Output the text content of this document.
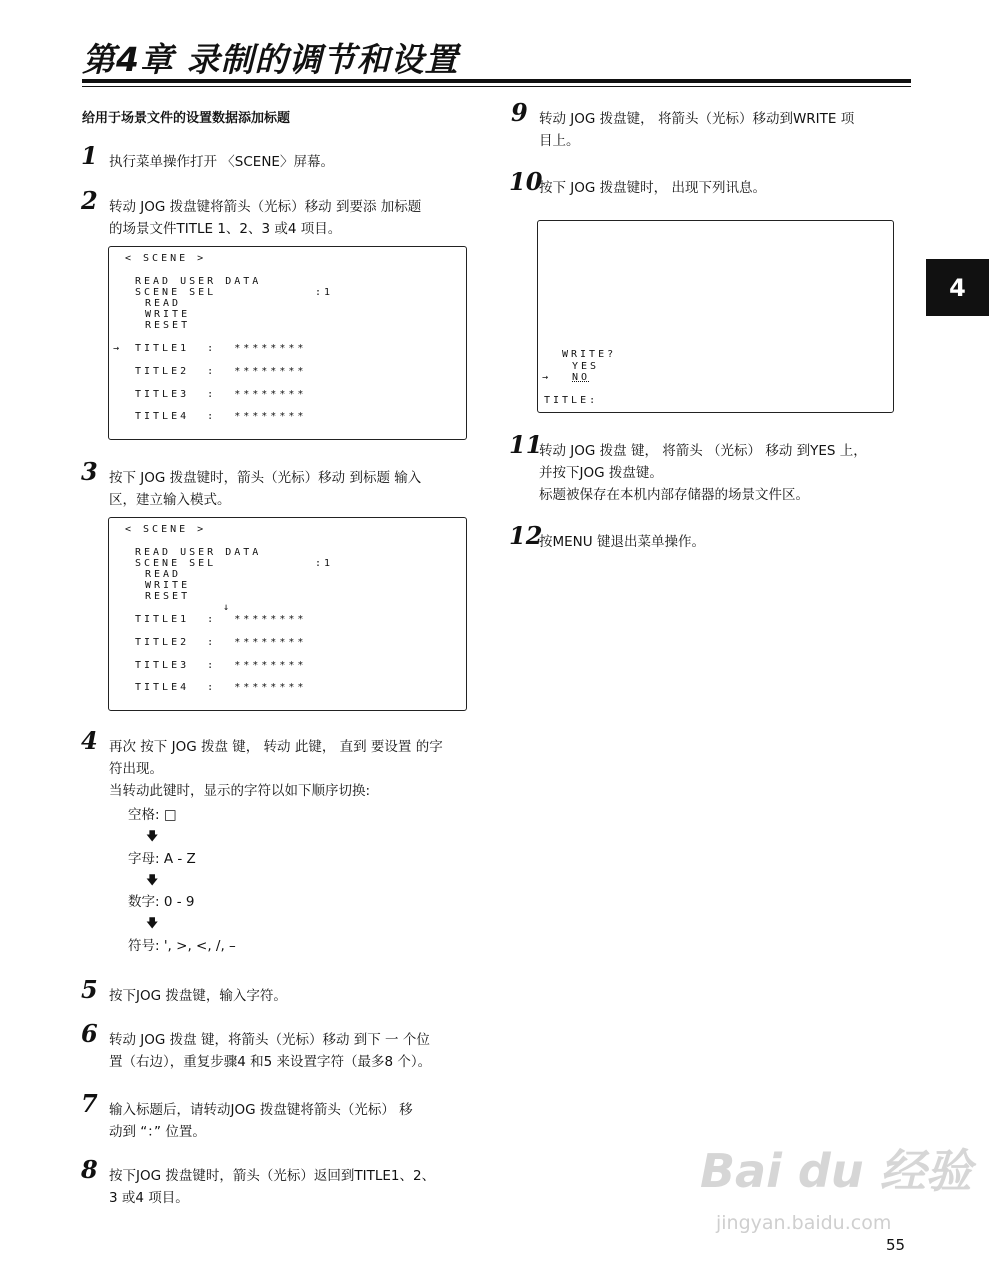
第4章 录制的调节和设置
给用于场景文件的设置数据添加标题
1 执行菜单操作打开 〈SCENE〉屏幕。

2 转动 JOG 拨盘键将箭头（光标）移动 到要添 加标题

的场景文件TITLE 1、2、3 或4 项目。

< SCENE >
READ USER DATA
SCENE SEL	:1
READ
WRITE
RESET
→ TITLE1  :  ********
TITLE2  :  ********
TITLE3  :  ********
TITLE4  :  ********
3 按下 JOG 拨盘键时，箭头（光标）移动 到标题 输入

区，建立输入模式。

< SCENE >
READ USER DATA
SCENE SEL	:1
READ
WRITE
RESET
↓
TITLE1  :  ********
TITLE2  :  ********
TITLE3  :  ********
TITLE4  :  ********
4 再次 按下 JOG 拨盘 键， 转动 此键， 直到 要设置 的字

符出现。

当转动此键时，显示的字符以如下顺序切换:

空格: □
🡇
字母: A - Z
🡇
数字: 0 - 9
🡇
符号: ', >, <, /, –
5 按下JOG 拨盘键，输入字符。

6 转动 JOG 拨盘 键，将箭头（光标）移动 到下 一 个位

置（右边），重复步骤4 和5 来设置字符（最多8 个）。

7 输入标题后，请转动JOG 拨盘键将箭头（光标） 移

动到 “：” 位置。

8 按下JOG 拨盘键时，箭头（光标）返回到TITLE1、2、

3 或4 项目。

9 转动 JOG 拨盘键， 将箭头（光标）移动到WRITE 项

目上。

10

按下 JOG 拨盘键时， 出现下列讯息。

WRITE?
YES
→ NO
TITLE:
11

转动 JOG 拨盘 键， 将箭头 （光标） 移动 到YES 上，

并按下JOG 拨盘键。

标题被保存在本机内部存储器的场景文件区。

12

按MENU 键退出菜单操作。

4
Bai du 经验
jingyan.baidu.com
55
